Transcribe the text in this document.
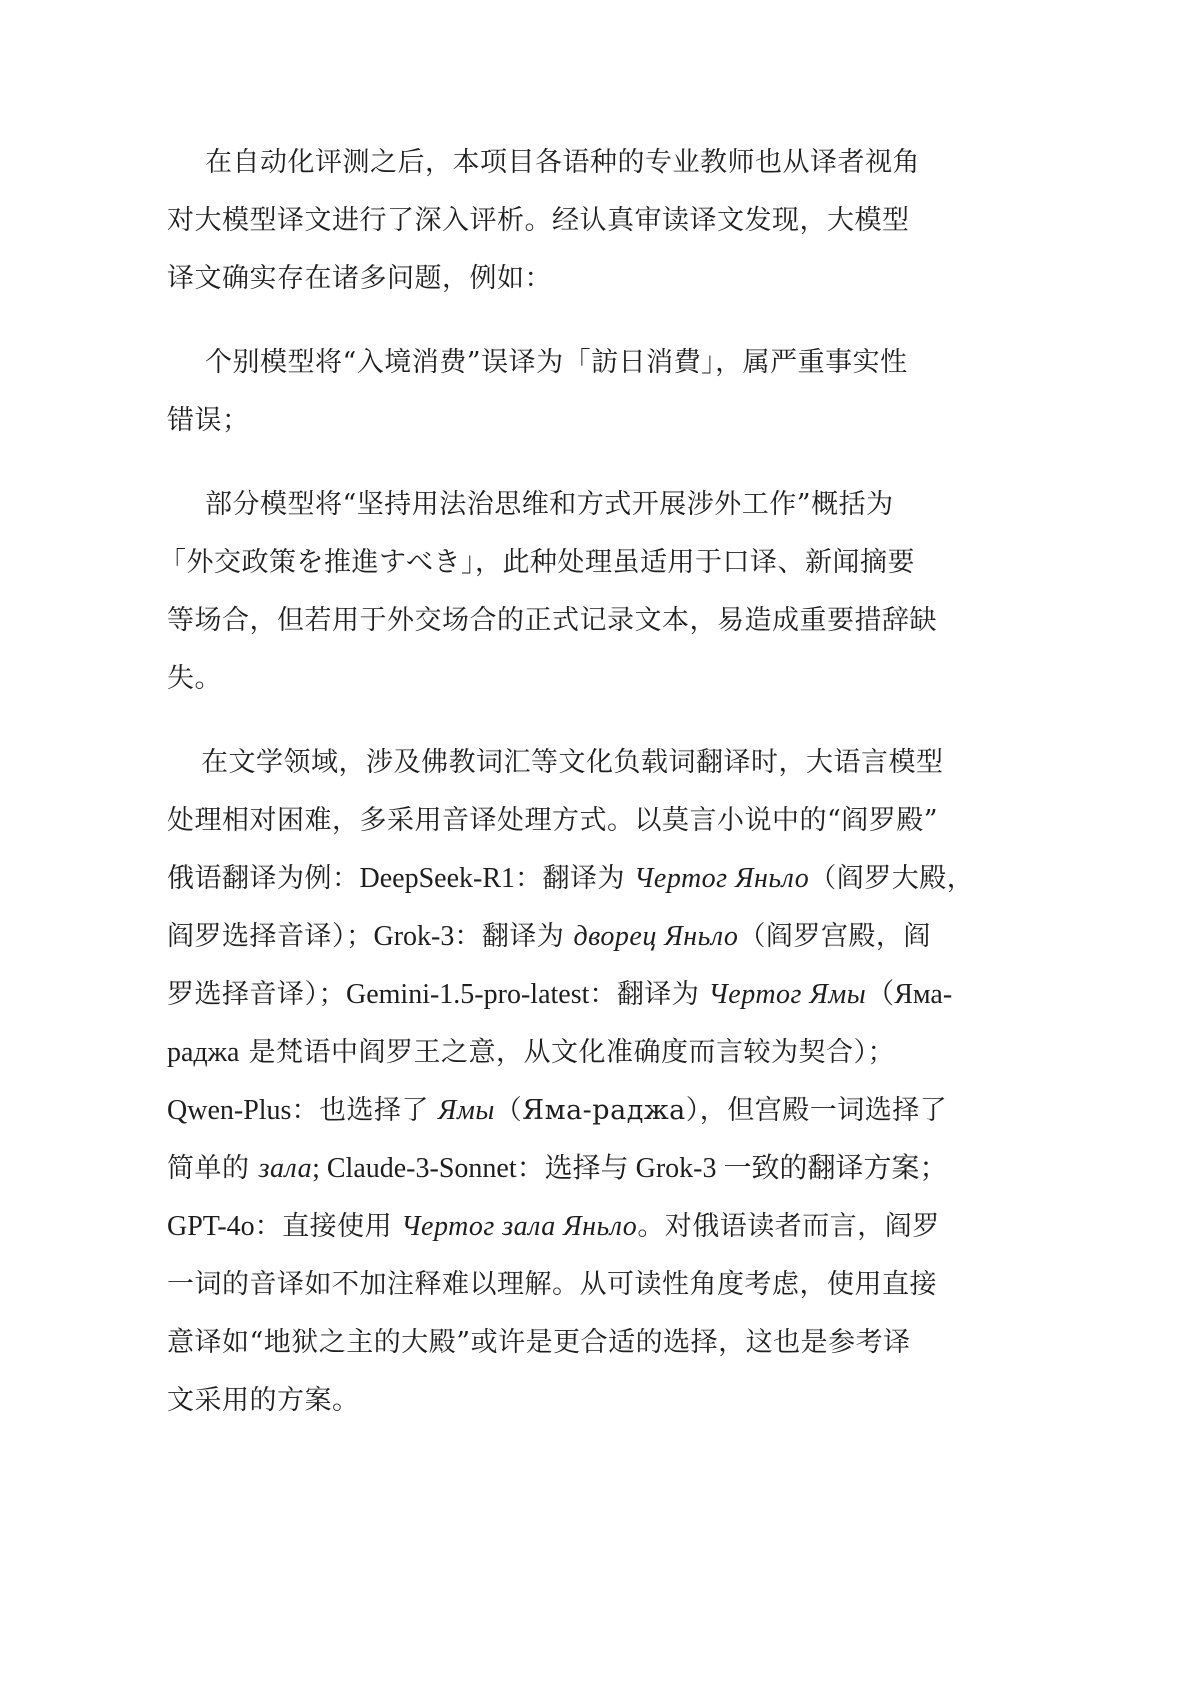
在自动化评测之后，本项目各语种的专业教师也从译者视角
对大模型译文进行了深入评析。经认真审读译文发现，大模型
译文确实存在诸多问题，例如：
个别模型将“入境消费”误译为「訪日消費」，属严重事实性
错误；
部分模型将“坚持用法治思维和方式开展涉外工作”概括为
「外交政策を推進すべき」，此种处理虽适用于口译、新闻摘要
等场合，但若用于外交场合的正式记录文本，易造成重要措辞缺
失。
在文学领域，涉及佛教词汇等文化负载词翻译时，大语言模型
处理相对困难，多采用音译处理方式。以莫言小说中的“阎罗殿”
俄语翻译为例：DeepSeek-R1：翻译为 Чертог Яньло（阎罗大殿，
阎罗选择音译）；Grok-3：翻译为 дворец Яньло（阎罗宫殿，阎
罗选择音译）；Gemini-1.5-pro-latest：翻译为 Чертог Ямы（Яма-
раджа 是梵语中阎罗王之意，从文化准确度而言较为契合）；
Qwen-Plus：也选择了 Ямы（Яма-раджа），但宫殿一词选择了
简单的 зала; Claude-3-Sonnet：选择与 Grok-3 一致的翻译方案；
GPT-4o：直接使用 Чертог зала Яньло。对俄语读者而言，阎罗
一词的音译如不加注释难以理解。从可读性角度考虑，使用直接
意译如“地狱之主的大殿”或许是更合适的选择，这也是参考译
文采用的方案。
